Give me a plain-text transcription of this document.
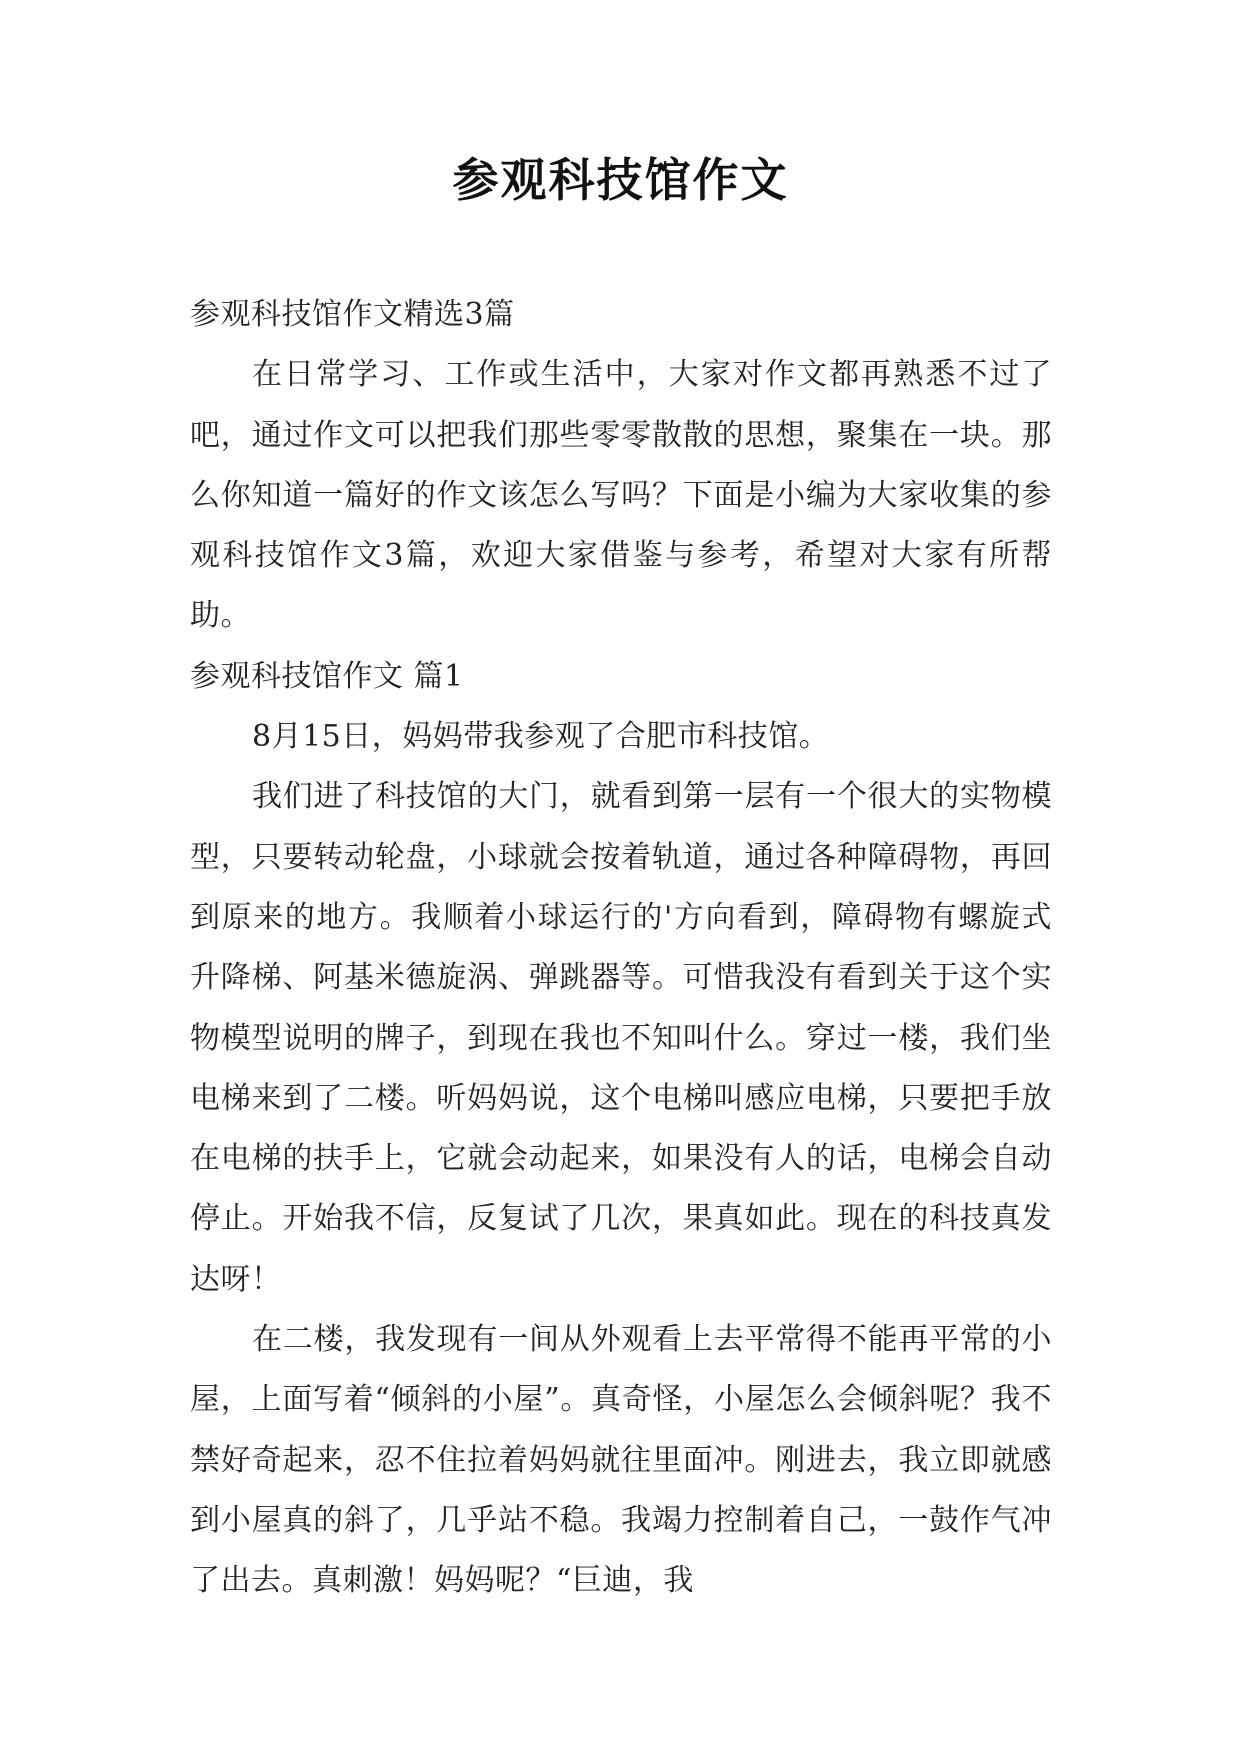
参观科技馆作文

参观科技馆作文精选3篇

在日常学习、工作或生活中，大家对作文都再熟悉不过了吧，通过作文可以把我们那些零零散散的思想，聚集在一块。那么你知道一篇好的作文该怎么写吗？下面是小编为大家收集的参观科技馆作文3篇，欢迎大家借鉴与参考，希望对大家有所帮助。

参观科技馆作文 篇1

8月15日，妈妈带我参观了合肥市科技馆。

我们进了科技馆的大门，就看到第一层有一个很大的实物模型，只要转动轮盘，小球就会按着轨道，通过各种障碍物，再回到原来的地方。我顺着小球运行的'方向看到，障碍物有螺旋式升降梯、阿基米德旋涡、弹跳器等。可惜我没有看到关于这个实物模型说明的牌子，到现在我也不知叫什么。穿过一楼，我们坐电梯来到了二楼。听妈妈说，这个电梯叫感应电梯，只要把手放在电梯的扶手上，它就会动起来，如果没有人的话，电梯会自动停止。开始我不信，反复试了几次，果真如此。现在的科技真发达呀！

在二楼，我发现有一间从外观看上去平常得不能再平常的小屋，上面写着“倾斜的小屋”。真奇怪，小屋怎么会倾斜呢？我不禁好奇起来，忍不住拉着妈妈就往里面冲。刚进去，我立即就感到小屋真的斜了，几乎站不稳。我竭力控制着自己，一鼓作气冲了出去。真刺激！妈妈呢？“巨迪，我
